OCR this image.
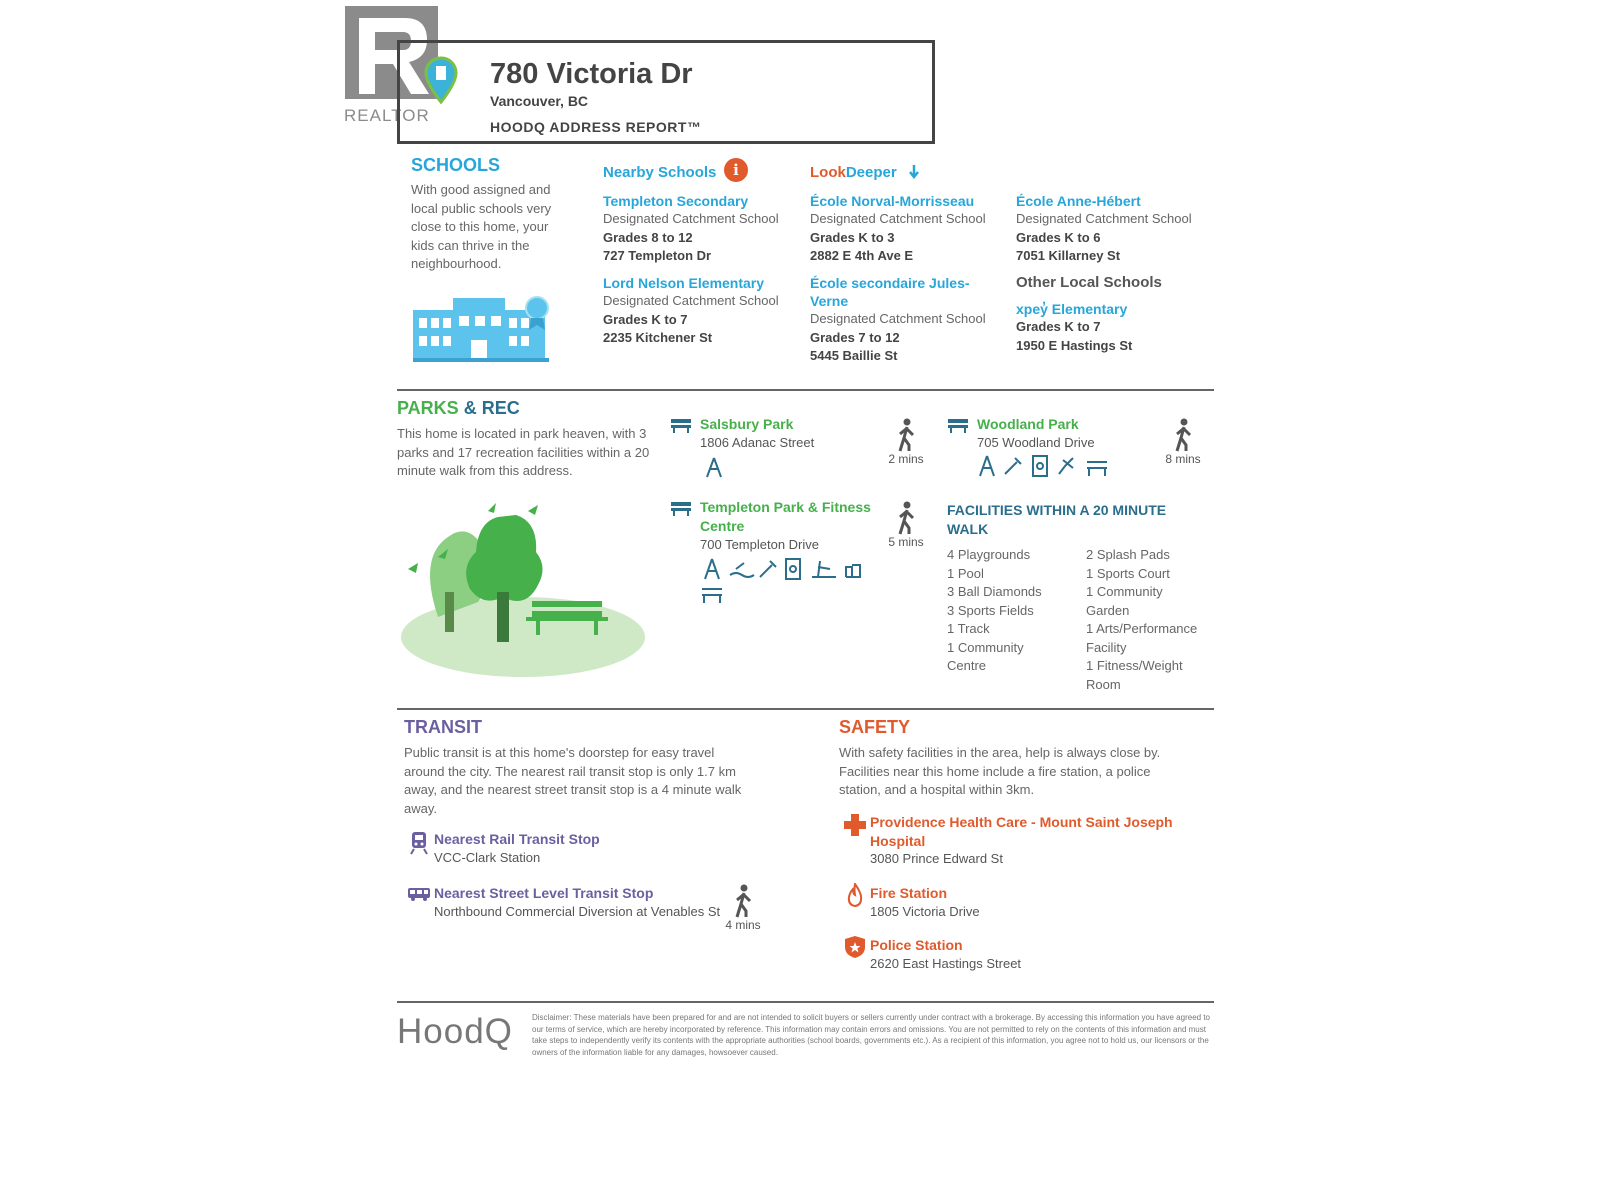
REALTOR
780 Victoria Dr
Vancouver, BC
HOODQ ADDRESS REPORT™
SCHOOLS
With good assigned and local public schools very close to this home, your kids can thrive in the neighbourhood.
Nearby Schools	i	LookDeeper
Templeton Secondary
Designated Catchment School
Grades 8 to 12
727 Templeton Dr
Lord Nelson Elementary
Designated Catchment School
Grades K to 7
2235 Kitchener St
École Norval-Morrisseau
Designated Catchment School
Grades K to 3
2882 E 4th Ave E
École secondaire Jules-Verne
Designated Catchment School
Grades 7 to 12
5445 Baillie St
École Anne-Hébert
Designated Catchment School
Grades K to 6
7051 Killarney St
Other Local Schools
xpey̓ Elementary
Grades K to 7
1950 E Hastings St
PARKS & REC
This home is located in park heaven, with 3 parks and 17 recreation facilities within a 20 minute walk from this address.
Salsbury Park
1806 Adanac Street
2 mins
Woodland Park
705 Woodland Drive
8 mins
Templeton Park & Fitness Centre
700 Templeton Drive	5 mins
FACILITIES WITHIN A 20 MINUTE WALK
4 Playgrounds
1 Pool
3 Ball Diamonds
3 Sports Fields
1 Track
1 Community Centre
2 Splash Pads
1 Sports Court
1 Community Garden
1 Arts/Performance Facility
1 Fitness/Weight Room
TRANSIT
Public transit is at this home's doorstep for easy travel around the city. The nearest rail transit stop is only 1.7 km away, and the nearest street transit stop is a 4 minute walk away.
Nearest Rail Transit Stop
VCC-Clark Station
Nearest Street Level Transit Stop
Northbound Commercial Diversion at Venables St
4 mins
SAFETY
With safety facilities in the area, help is always close by. Facilities near this home include a fire station, a police station, and a hospital within 3km.
Providence Health Care - Mount Saint Joseph Hospital
3080 Prince Edward St
Fire Station
1805 Victoria Drive
Police Station
2620 East Hastings Street
HoodQ Disclaimer: These materials have been prepared for and are not intended to solicit buyers or sellers currently under contract with a brokerage. By accessing this information you have agreed to our terms of service, which are hereby incorporated by reference. This information may contain errors and omissions. You are not permitted to rely on the contents of this information and must take steps to independently verify its contents with the appropriate authorities (school boards, governments etc.). As a recipient of this information, you agree not to hold us, our licensors or the owners of the information liable for any damages, howsoever caused.
